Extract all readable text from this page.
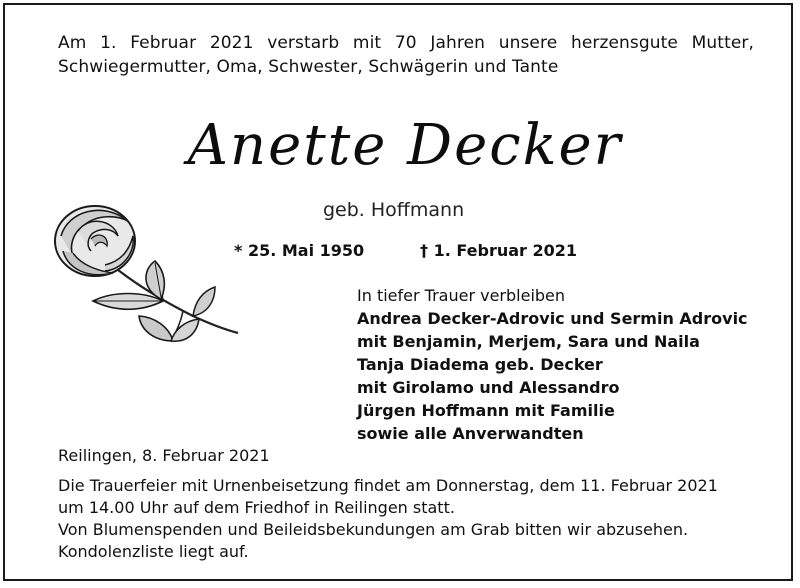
Am 1. Februar 2021 verstarb mit 70 Jahren unsere herzensgute Mutter,
Schwiegermutter, Oma, Schwester, Schwägerin und Tante
Anette Decker
geb. Hoffmann
* 25. Mai 1950	† 1. Februar 2021
In tiefer Trauer verbleiben
Andrea Decker-Adrovic und Sermin Adrovic
mit Benjamin, Merjem, Sara und Naila
Tanja Diadema geb. Decker
mit Girolamo und Alessandro
Jürgen Hoffmann mit Familie
sowie alle Anverwandten
Reilingen, 8. Februar 2021
Die Trauerfeier mit Urnenbeisetzung findet am Donnerstag, dem 11. Februar 2021
um 14.00 Uhr auf dem Friedhof in Reilingen statt.
Von Blumenspenden und Beileidsbekundungen am Grab bitten wir abzusehen.
Kondolenzliste liegt auf.
